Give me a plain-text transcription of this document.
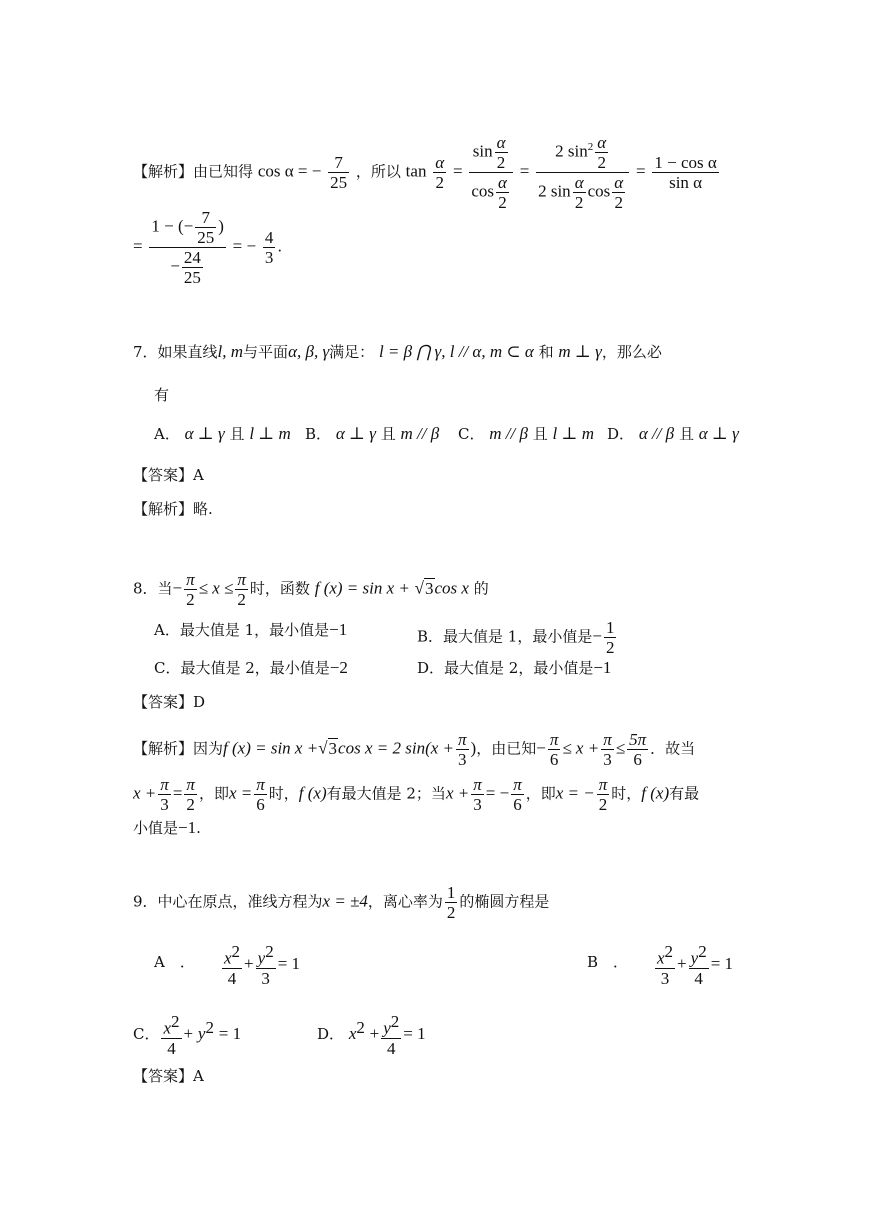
【解析】由已知得 cos α = − $\frac{7}{25}$ ，所以 $\tan \frac{\alpha}{2} = \frac{\sin \frac{\alpha}{2}}{\cos \frac{\alpha}{2}} = \frac{2 \sin^2 \frac{\alpha}{2}}{2 \sin \frac{\alpha}{2} \cos \frac{\alpha}{2}} = \frac{\text{1 − cos α}}{\text{sin α}}$
= $\frac{1 - (- \frac{7}{25} )}{- \frac{24}{25}}$ = − $\frac{4}{3}$ .
7．如果直线l, m与平面α, β, γ满足： l = β ⋂ γ, l // α, m ⊂ α 和 m ⊥ γ，那么必
有
A． α ⊥ γ 且 l ⊥ m B． α ⊥ γ 且 m // β C． m // β 且 l ⊥ m D． α // β 且 α ⊥ γ
【答案】A
【解析】略.
8．当− $\frac{\pi}{2} \le x \le \frac{\pi}{2}$ 时，函数 f (x) = sin x + √3cos x 的
A．最大值是 1，最小值是−1	B．最大值是 1，最小值是− $\frac{1}{2}$
C．最大值是 2，最小值是−2	D．最大值是 2，最小值是−1
【答案】D
【解析】因为f (x) = sin x +√3cos x = 2 $\sin(x + \frac{\pi}{3}$ )，由已知− $\frac{\pi}{6} \le x + \frac{\pi}{3} \le \frac{5\pi}{6}$ ．故当
$x + \frac{\pi}{3} = \frac{\pi}{2}$ ，即$x = \frac{\pi}{6}$ 时，f (x)有最大值是 2；当$x + \frac{\pi}{3}$ = − $\frac{\pi}{6}$ ，即x = − $\frac{\pi}{2}$ 时，f (x)有最
小值是−1.
9．中心在原点，准线方程为x = ±4，离心率为 $\frac{1}{2}$ 的椭圆方程是
A　． $\frac{x^2}{4} + \frac{y^2}{3} = 1$	B　． $\frac{x^2}{3} + \frac{y^2}{4} = 1$
C． $\frac{x^2}{4} + y^2 = 1$	D． $x^2 + \frac{y^2}{4} = 1$
【答案】A
